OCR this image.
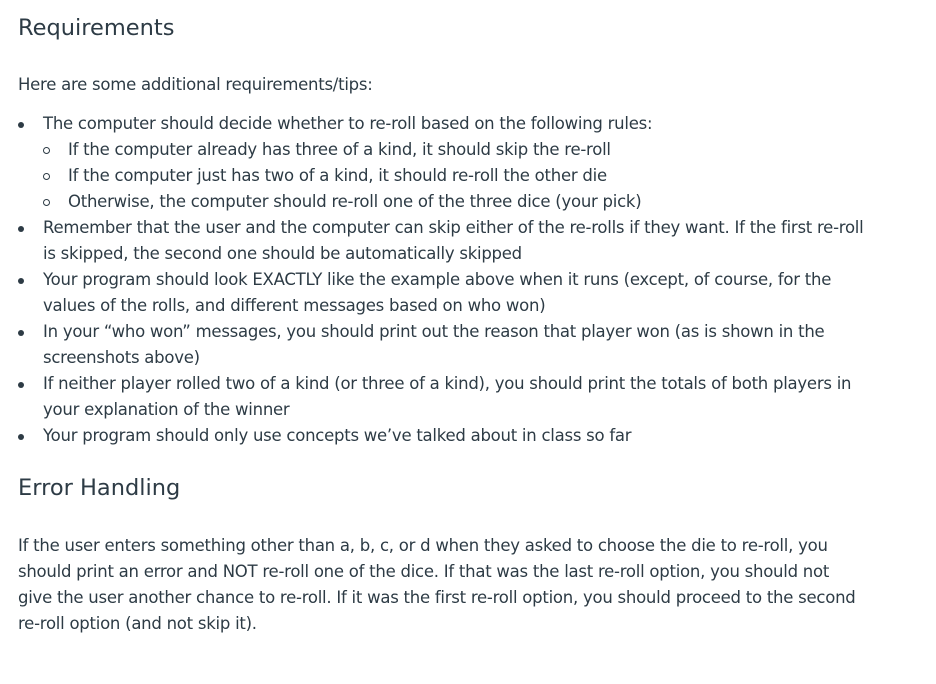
Requirements

Here are some additional requirements/tips:

The computer should decide whether to re-roll based on the following rules:
If the computer already has three of a kind, it should skip the re-roll
If the computer just has two of a kind, it should re-roll the other die
Otherwise, the computer should re-roll one of the three dice (your pick)
Remember that the user and the computer can skip either of the re-rolls if they want. If the first re-roll is skipped, the second one should be automatically skipped
Your program should look EXACTLY like the example above when it runs (except, of course, for the values of the rolls, and different messages based on who won)
In your “who won” messages, you should print out the reason that player won (as is shown in the screenshots above)
If neither player rolled two of a kind (or three of a kind), you should print the totals of both players in your explanation of the winner
Your program should only use concepts we’ve talked about in class so far
Error Handling

If the user enters something other than a, b, c, or d when they asked to choose the die to re-roll, you should print an error and NOT re-roll one of the dice. If that was the last re-roll option, you should not give the user another chance to re-roll. If it was the first re-roll option, you should proceed to the second re-roll option (and not skip it).
